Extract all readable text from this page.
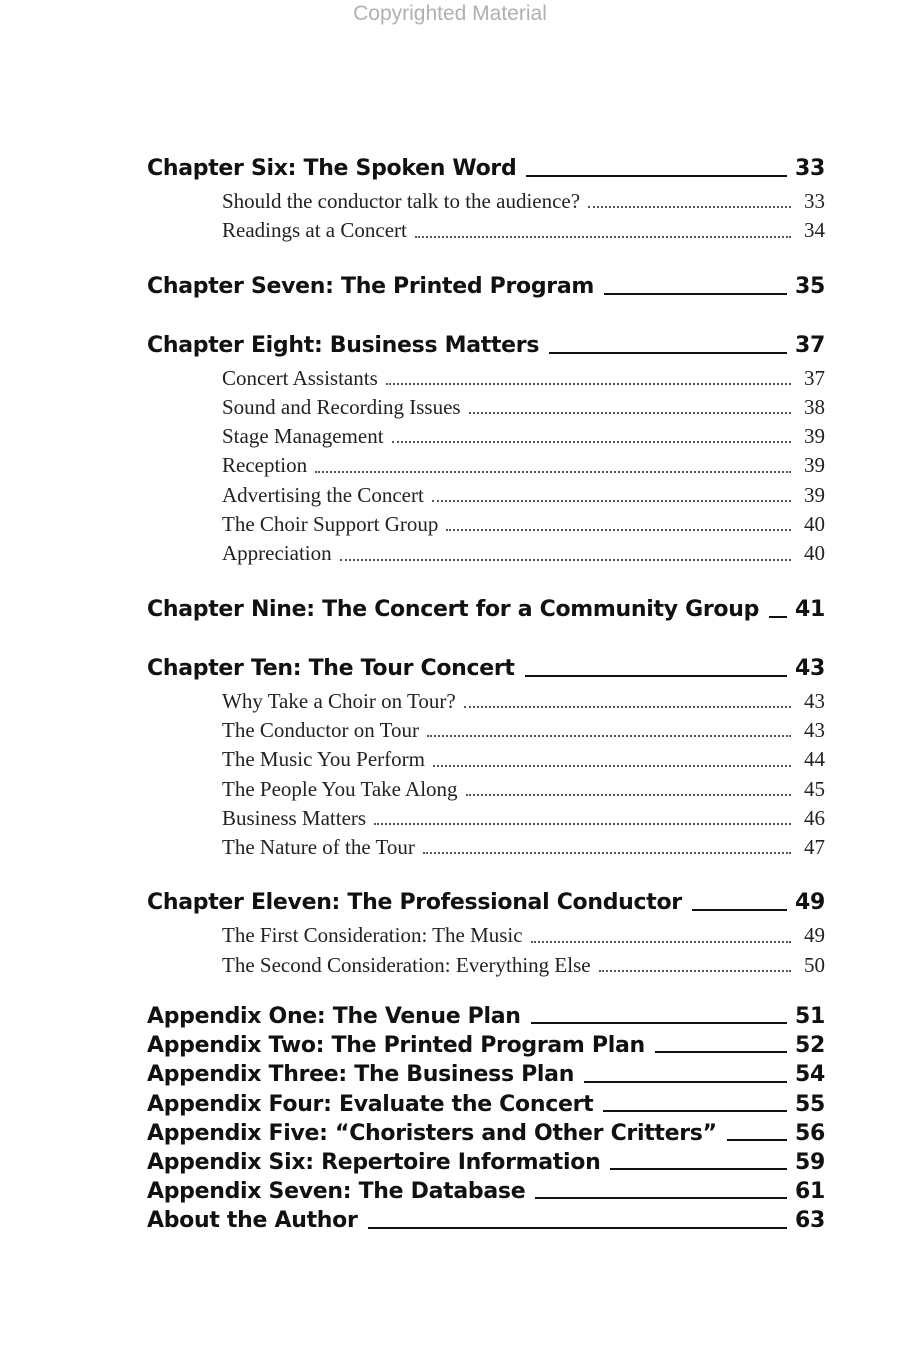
Copyrighted Material
Chapter Six: The Spoken Word	33
Should the conductor talk to the audience?	33
Readings at a Concert	34
Chapter Seven: The Printed Program	35
Chapter Eight: Business Matters	37
Concert Assistants	37
Sound and Recording Issues	38
Stage Management	39
Reception	39
Advertising the Concert	39
The Choir Support Group	40
Appreciation	40
Chapter Nine: The Concert for a Community Group 41
Chapter Ten: The Tour Concert	43
Why Take a Choir on Tour?	43
The Conductor on Tour	43
The Music You Perform	44
The People You Take Along	45
Business Matters	46
The Nature of the Tour	47
Chapter Eleven: The Professional Conductor	49
The First Consideration: The Music	49
The Second Consideration: Everything Else	50
Appendix One: The Venue Plan	51
Appendix Two: The Printed Program Plan	52
Appendix Three: The Business Plan	54
Appendix Four: Evaluate the Concert	55
Appendix Five: “Choristers and Other Critters”	56
Appendix Six: Repertoire Information	59
Appendix Seven: The Database	61
About the Author	63
